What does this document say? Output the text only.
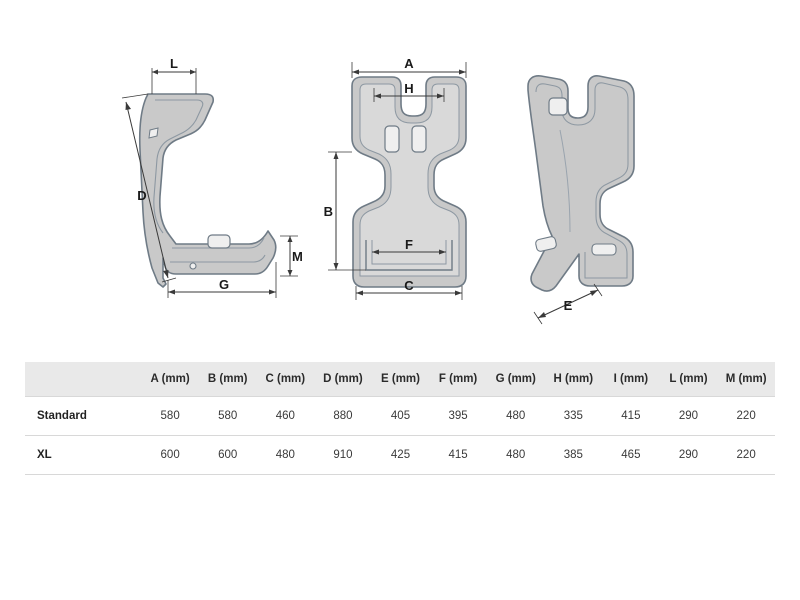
L
D
G
M
A
H
B
F
C
E
	A (mm)	B (mm)	C (mm)	D (mm)	E (mm)	F (mm)	G (mm)	H (mm)	I (mm)	L (mm)	M (mm)
Standard	580	580	460	880	405	395	480	335	415	290	220
XL	600	600	480	910	425	415	480	385	465	290	220
